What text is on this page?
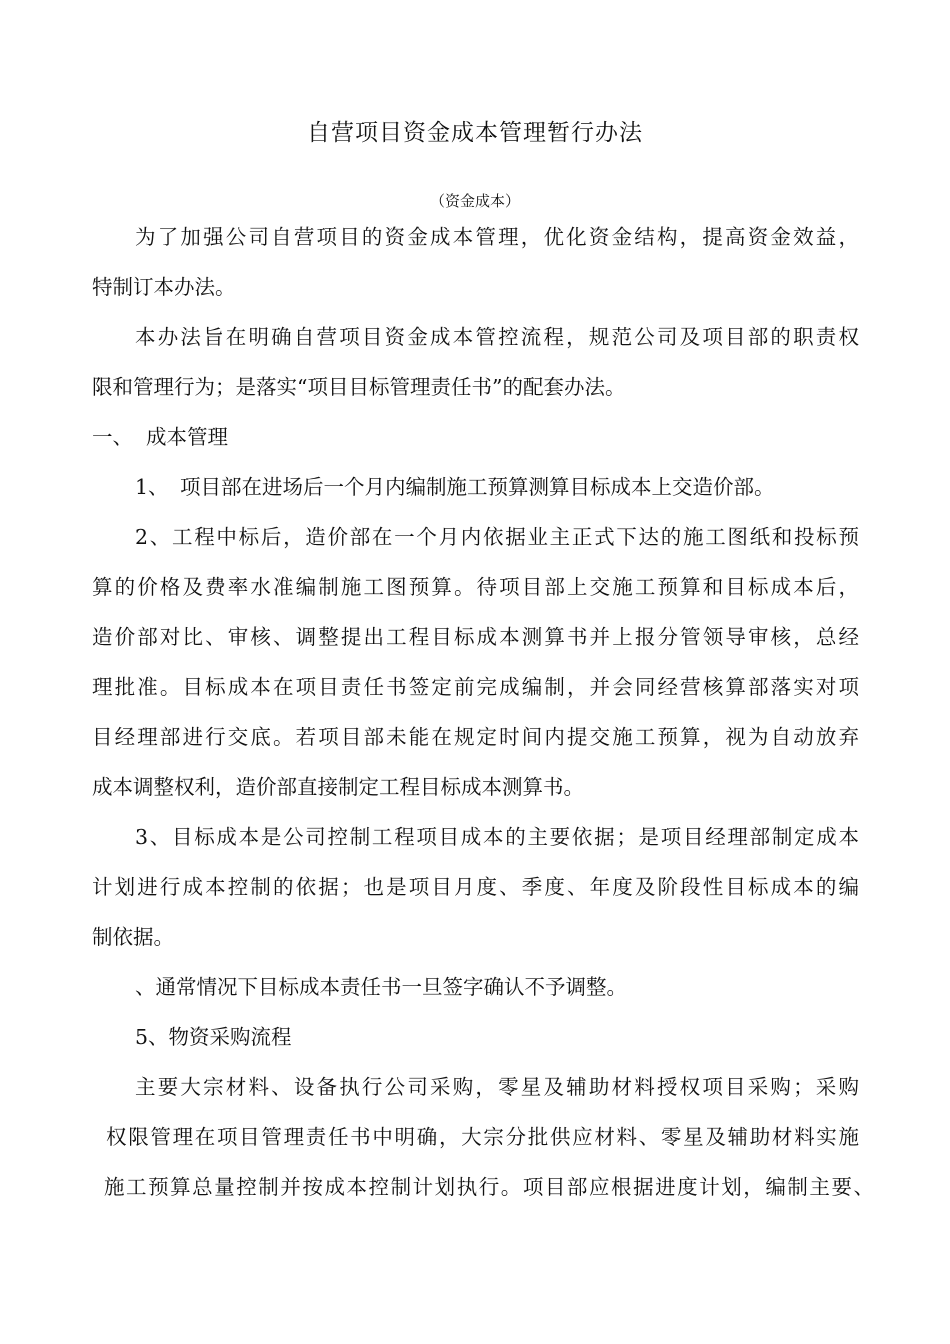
自营项目资金成本管理暂行办法
（资金成本）
为了加强公司自营项目的资金成本管理，优化资金结构，提高资金效益，
特制订本办法。
本办法旨在明确自营项目资金成本管控流程，规范公司及项目部的职责权
限和管理行为；是落实“项目目标管理责任书”的配套办法。
一、 成本管理
1、 项目部在进场后一个月内编制施工预算测算目标成本上交造价部。
2、工程中标后，造价部在一个月内依据业主正式下达的施工图纸和投标预
算的价格及费率水准编制施工图预算。待项目部上交施工预算和目标成本后，
造价部对比、审核、调整提出工程目标成本测算书并上报分管领导审核，总经
理批准。目标成本在项目责任书签定前完成编制，并会同经营核算部落实对项
目经理部进行交底。若项目部未能在规定时间内提交施工预算，视为自动放弃
成本调整权利，造价部直接制定工程目标成本测算书。
3、目标成本是公司控制工程项目成本的主要依据；是项目经理部制定成本
计划进行成本控制的依据；也是项目月度、季度、年度及阶段性目标成本的编
制依据。
、通常情况下目标成本责任书一旦签字确认不予调整。
5、物资采购流程
主要大宗材料、设备执行公司采购，零星及辅助材料授权项目采购；采购
权限管理在项目管理责任书中明确，大宗分批供应材料、零星及辅助材料实施
施工预算总量控制并按成本控制计划执行。项目部应根据进度计划，编制主要、
